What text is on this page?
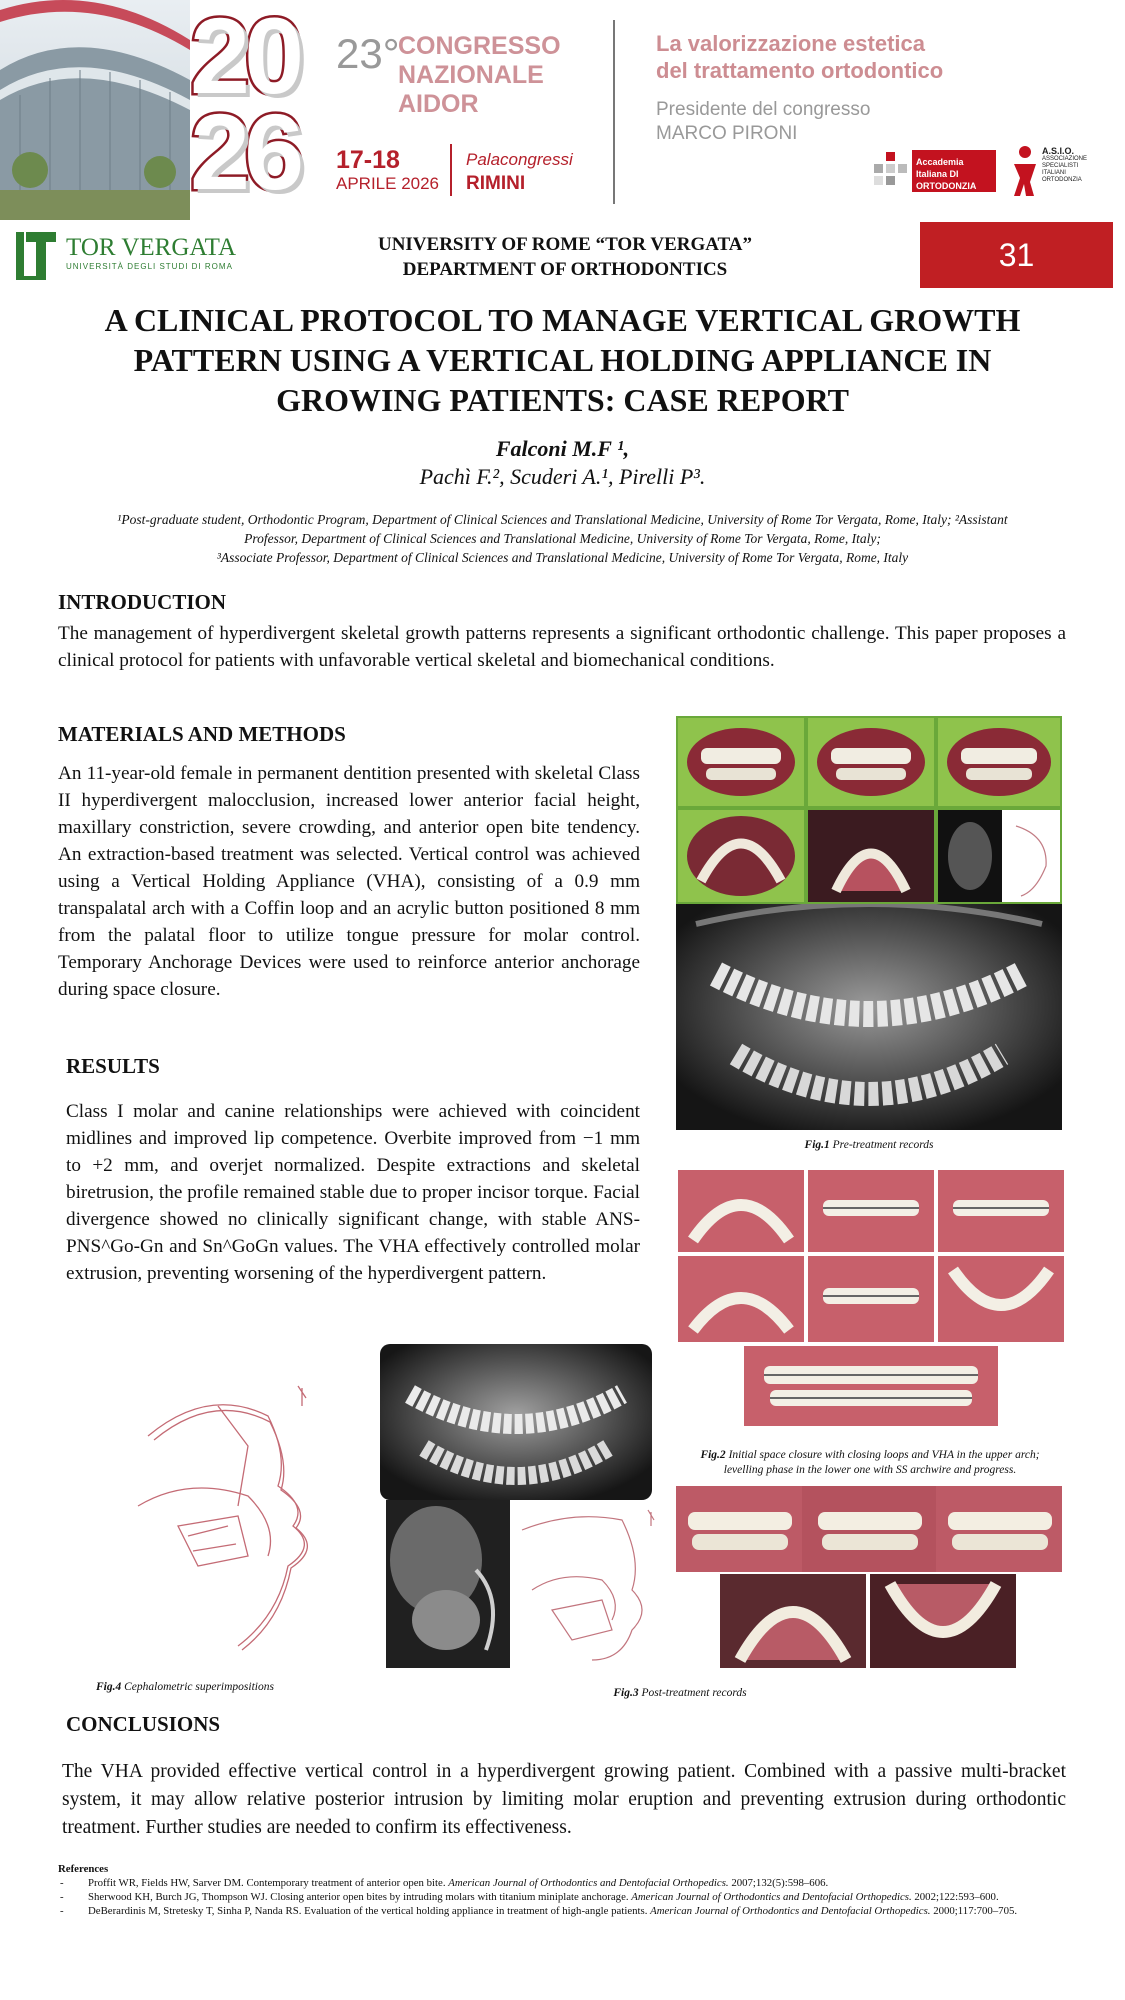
20
26
23°
CONGRESSO
NAZIONALE
AIDOR
17-18
APRILE 2026
Palacongressi
RIMINI
La valorizzazione estetica
del trattamento ortodontico
Presidente del congresso
MARCO PIRONI
Accademia Italiana DI ORTODONZIA
A.S.I.O.
ASSOCIAZIONE SPECIALISTI ITALIANI ORTODONZIA
TOR VERGATA
UNIVERSITÀ DEGLI STUDI DI ROMA
UNIVERSITY OF ROME “TOR VERGATA”
DEPARTMENT OF ORTHODONTICS	31
A CLINICAL PROTOCOL TO MANAGE VERTICAL GROWTH PATTERN USING A VERTICAL HOLDING APPLIANCE IN GROWING PATIENTS: CASE REPORT
Falconi M.F ¹,
Pachì F.², Scuderi A.¹, Pirelli P³.
¹Post-graduate student, Orthodontic Program, Department of Clinical Sciences and Translational Medicine, University of Rome Tor Vergata, Rome, Italy; ²Assistant Professor, Department of Clinical Sciences and Translational Medicine, University of Rome Tor Vergata, Rome, Italy;
³Associate Professor, Department of Clinical Sciences and Translational Medicine, University of Rome Tor Vergata, Rome, Italy
INTRODUCTION
The management of hyperdivergent skeletal growth patterns represents a significant orthodontic challenge. This paper proposes a clinical protocol for patients with unfavorable vertical skeletal and biomechanical conditions.
MATERIALS AND METHODS
An 11-year-old female in permanent dentition presented with skeletal Class II hyperdivergent malocclusion, increased lower anterior facial height, maxillary constriction, severe crowding, and anterior open bite tendency. An extraction-based treatment was selected. Vertical control was achieved using a Vertical Holding Appliance (VHA), consisting of a 0.9 mm transpalatal arch with a Coffin loop and an acrylic button positioned 8 mm from the palatal floor to utilize tongue pressure for molar control. Temporary Anchorage Devices were used to reinforce anterior anchorage during space closure.
RESULTS
Class I molar and canine relationships were achieved with coincident midlines and improved lip competence. Overbite improved from −1 mm to +2 mm, and overjet normalized. Despite extractions and skeletal biretrusion, the profile remained stable due to proper incisor torque. Facial divergence showed no clinically significant change, with stable ANS-PNS^Go-Gn and Sn^GoGn values. The VHA effectively controlled molar extrusion, preventing worsening of the hyperdivergent pattern.
Fig.1 Pre-treatment records
Fig.2 Initial space closure with closing loops and VHA in the upper arch; levelling phase in the lower one with SS archwire and progress.
Fig.3 Post-treatment records
Fig.4 Cephalometric superimpositions
CONCLUSIONS
The VHA provided effective vertical control in a hyperdivergent growing patient. Combined with a passive multi-bracket system, it may allow relative posterior intrusion by limiting molar eruption and preventing extrusion during orthodontic treatment. Further studies are needed to confirm its effectiveness.
References
- Proffit WR, Fields HW, Sarver DM. Contemporary treatment of anterior open bite. American Journal of Orthodontics and Dentofacial Orthopedics. 2007;132(5):598–606.
- Sherwood KH, Burch JG, Thompson WJ. Closing anterior open bites by intruding molars with titanium miniplate anchorage. American Journal of Orthodontics and Dentofacial Orthopedics. 2002;122:593–600.
- DeBerardinis M, Stretesky T, Sinha P, Nanda RS. Evaluation of the vertical holding appliance in treatment of high-angle patients. American Journal of Orthodontics and Dentofacial Orthopedics. 2000;117:700–705.
